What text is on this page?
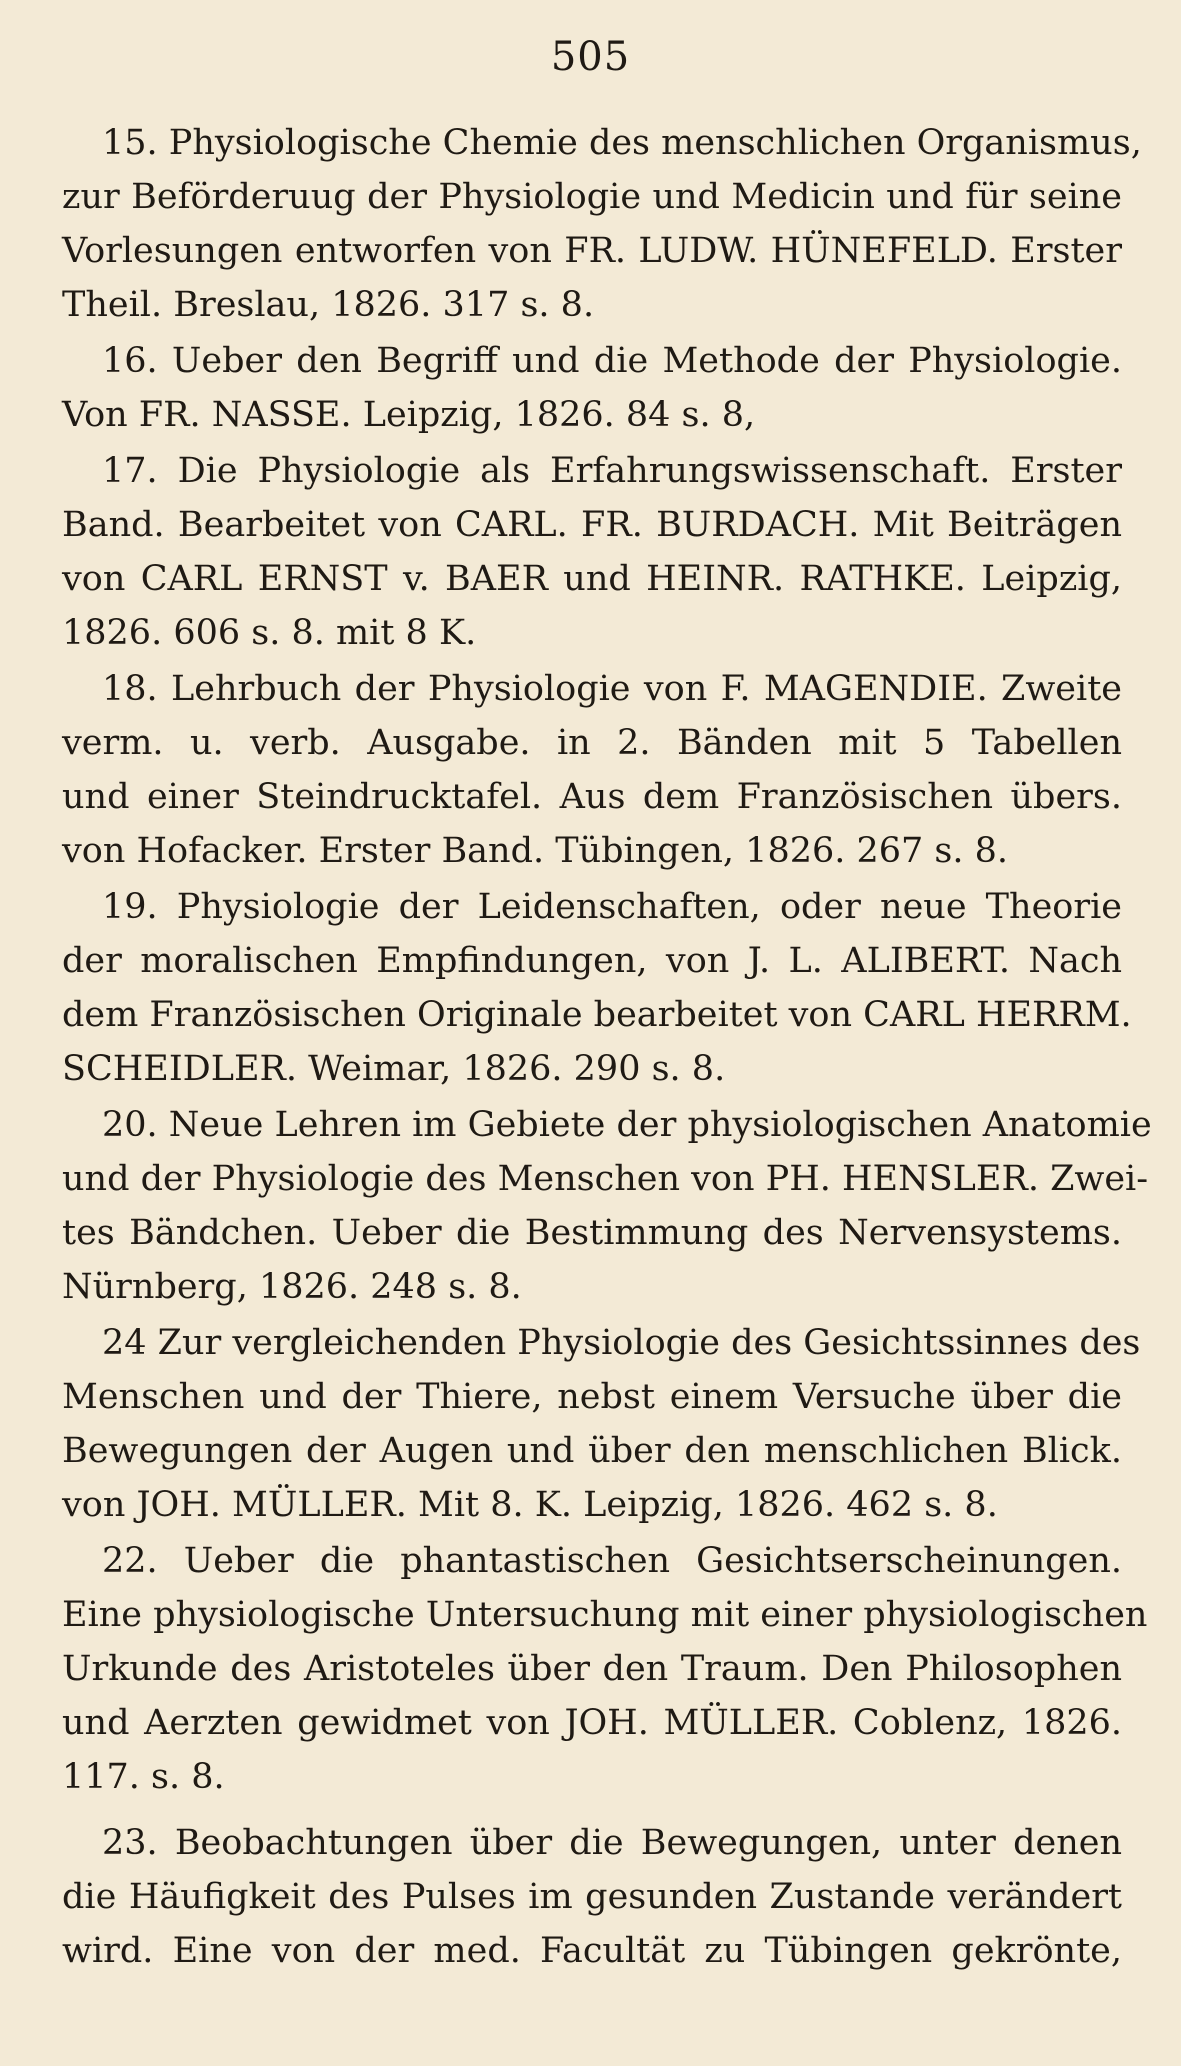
505
15. Physiologische Chemie des menschlichen Organismus,
zur Beförderuug der Physiologie und Medicin und für seine
Vorlesungen entworfen von FR. LUDW. HÜNEFELD. Erster
Theil. Breslau, 1826. 317 s. 8.
16. Ueber den Begriff und die Methode der Physiologie.
Von FR. NASSE. Leipzig, 1826. 84 s. 8,
17. Die Physiologie als Erfahrungswissenschaft. Erster
Band. Bearbeitet von CARL. FR. BURDACH. Mit Beiträgen
von CARL ERNST v. BAER und HEINR. RATHKE. Leipzig,
1826. 606 s. 8. mit 8 K.
18. Lehrbuch der Physiologie von F. MAGENDIE. Zweite
verm. u. verb. Ausgabe. in 2. Bänden mit 5 Tabellen
und einer Steindrucktafel. Aus dem Französischen übers.
von Hofacker. Erster Band. Tübingen, 1826. 267 s. 8.
19. Physiologie der Leidenschaften, oder neue Theorie
der moralischen Empfindungen, von J. L. ALIBERT. Nach
dem Französischen Originale bearbeitet von CARL HERRM.
SCHEIDLER. Weimar, 1826. 290 s. 8.
20. Neue Lehren im Gebiete der physiologischen Anatomie
und der Physiologie des Menschen von PH. HENSLER. Zwei-
tes Bändchen. Ueber die Bestimmung des Nervensystems.
Nürnberg, 1826. 248 s. 8.
24 Zur vergleichenden Physiologie des Gesichtssinnes des
Menschen und der Thiere, nebst einem Versuche über die
Bewegungen der Augen und über den menschlichen Blick.
von JOH. MÜLLER. Mit 8. K. Leipzig, 1826. 462 s. 8.
22. Ueber die phantastischen Gesichtserscheinungen.
Eine physiologische Untersuchung mit einer physiologischen
Urkunde des Aristoteles über den Traum. Den Philosophen
und Aerzten gewidmet von JOH. MÜLLER. Coblenz, 1826.
117. s. 8.
23. Beobachtungen über die Bewegungen, unter denen
die Häufigkeit des Pulses im gesunden Zustande verändert
wird. Eine von der med. Facultät zu Tübingen gekrönte,
